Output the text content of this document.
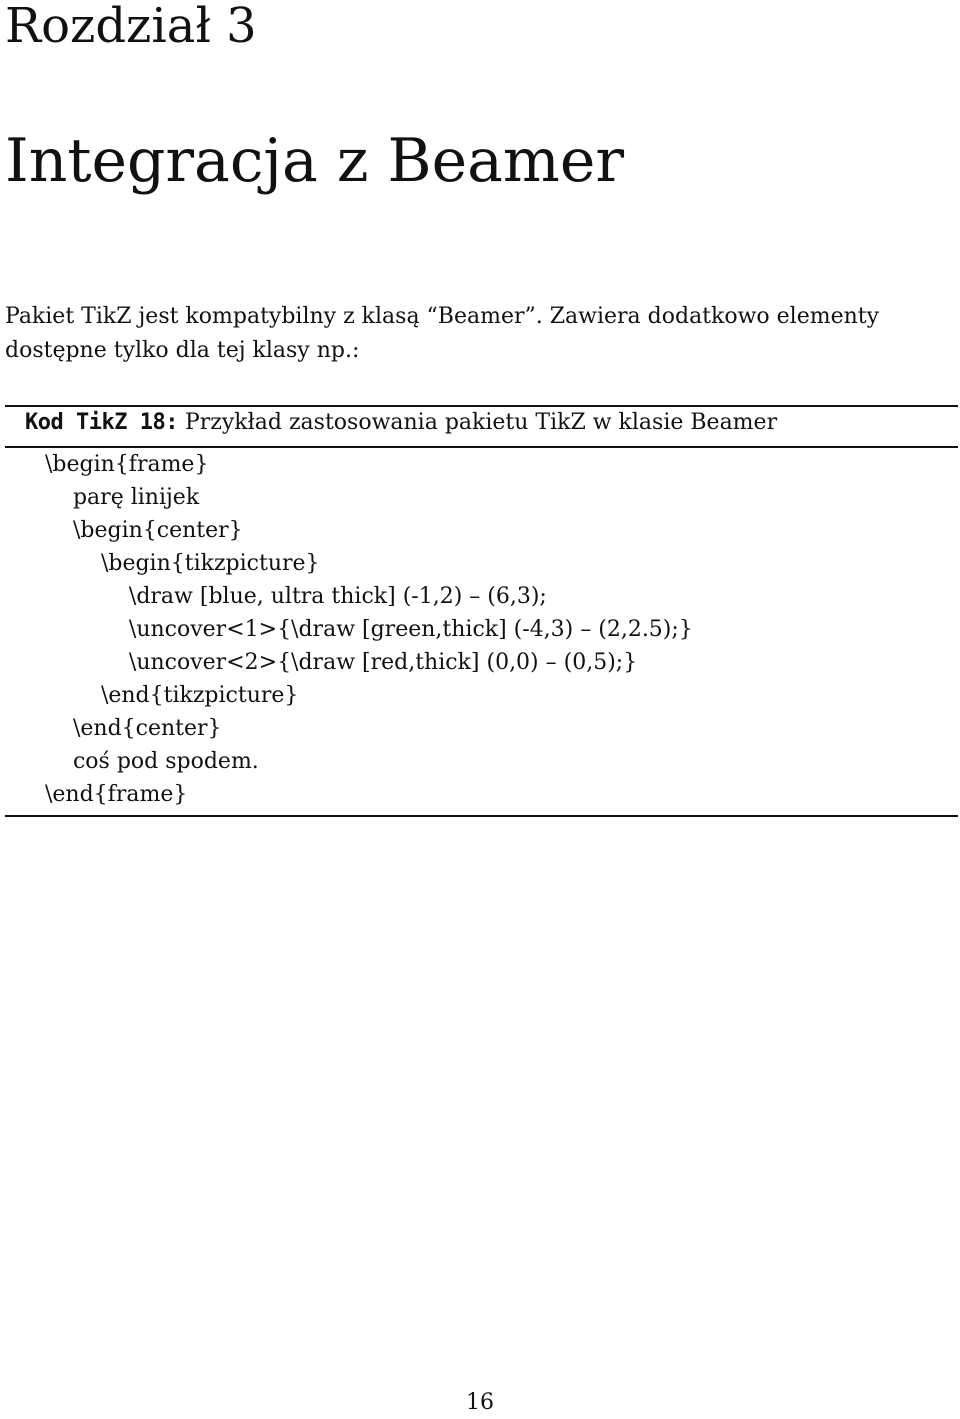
Rozdział 3
Integracja z Beamer

Pakiet TikZ jest kompatybilny z klasą “Beamer”. Zawiera dodatkowo elementy
dostępne tylko dla tej klasy np.:

Kod TikZ 18: Przykład zastosowania pakietu TikZ w klasie Beamer
\begin{frame}
parę linijek
\begin{center}
\begin{tikzpicture}
\draw [blue, ultra thick] (-1,2) – (6,3);
\uncover<1>{\draw [green,thick] (-4,3) – (2,2.5);}
\uncover<2>{\draw [red,thick] (0,0) – (0,5);}
\end{tikzpicture}
\end{center}
coś pod spodem.
\end{frame}
16
